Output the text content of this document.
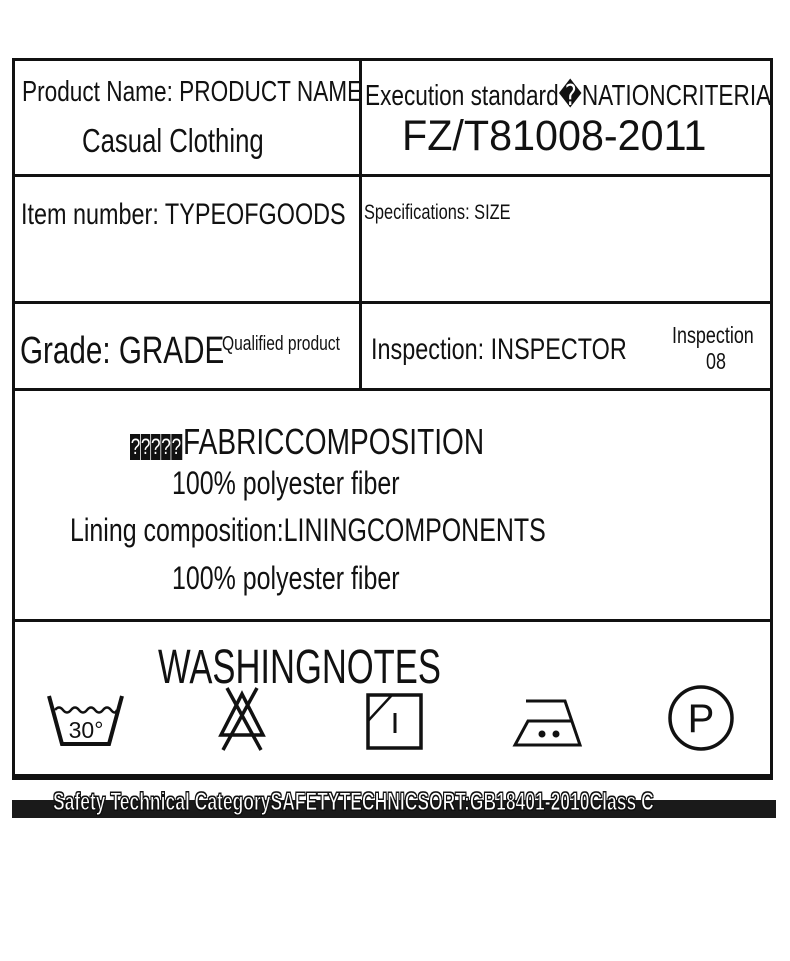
Product Name: PRODUCT NAME
Casual Clothing
Execution standard�NATIONCRITERIA
FZ/T81008-2011
Item number: TYPEOFGOODS Specifications: SIZE
Grade: GRADE
Qualified product Inspection: INSPECTOR Inspection
08
?????FABRICCOMPOSITION
100% polyester fiber
Lining composition:LININGCOMPONENTS
100% polyester fiber
WASHINGNOTES
30°	P
Safety Technical CategorySAFETYTECHNICSORT:GB18401-2010Class C
